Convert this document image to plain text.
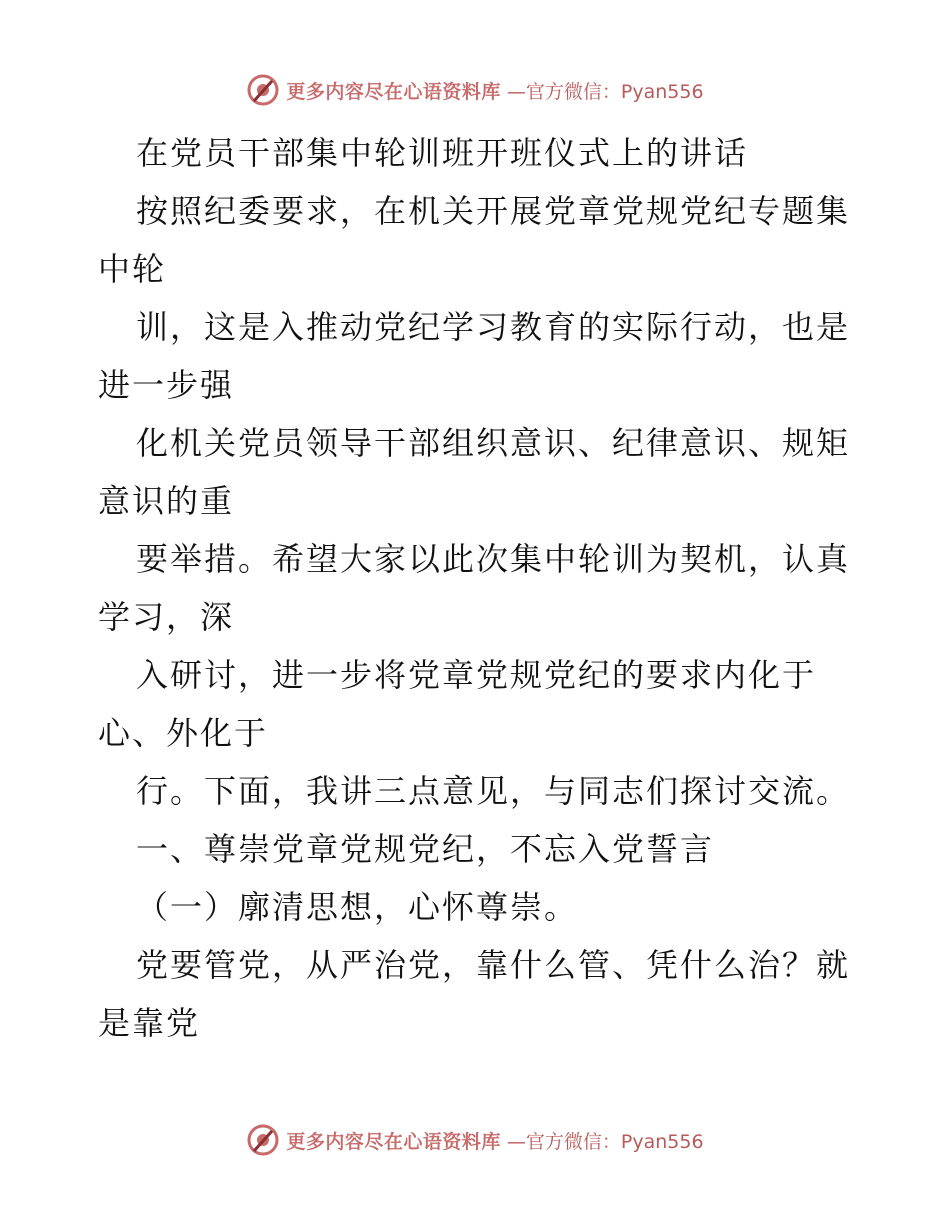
更多内容尽在心语资料库 —官方微信：Pyan556
在党员干部集中轮训班开班仪式上的讲话
按照纪委要求，在机关开展党章党规党纪专题集
中轮
训，这是入推动党纪学习教育的实际行动，也是
进一步强
化机关党员领导干部组织意识、纪律意识、规矩
意识的重
要举措。希望大家以此次集中轮训为契机，认真
学习，深
入研讨，进一步将党章党规党纪的要求内化于
心、外化于
行。下面，我讲三点意见，与同志们探讨交流。
一、尊崇党章党规党纪，不忘入党誓言
（一）廓清思想，心怀尊崇。
党要管党，从严治党，靠什么管、凭什么治？就
是靠党
更多内容尽在心语资料库 —官方微信：Pyan556
